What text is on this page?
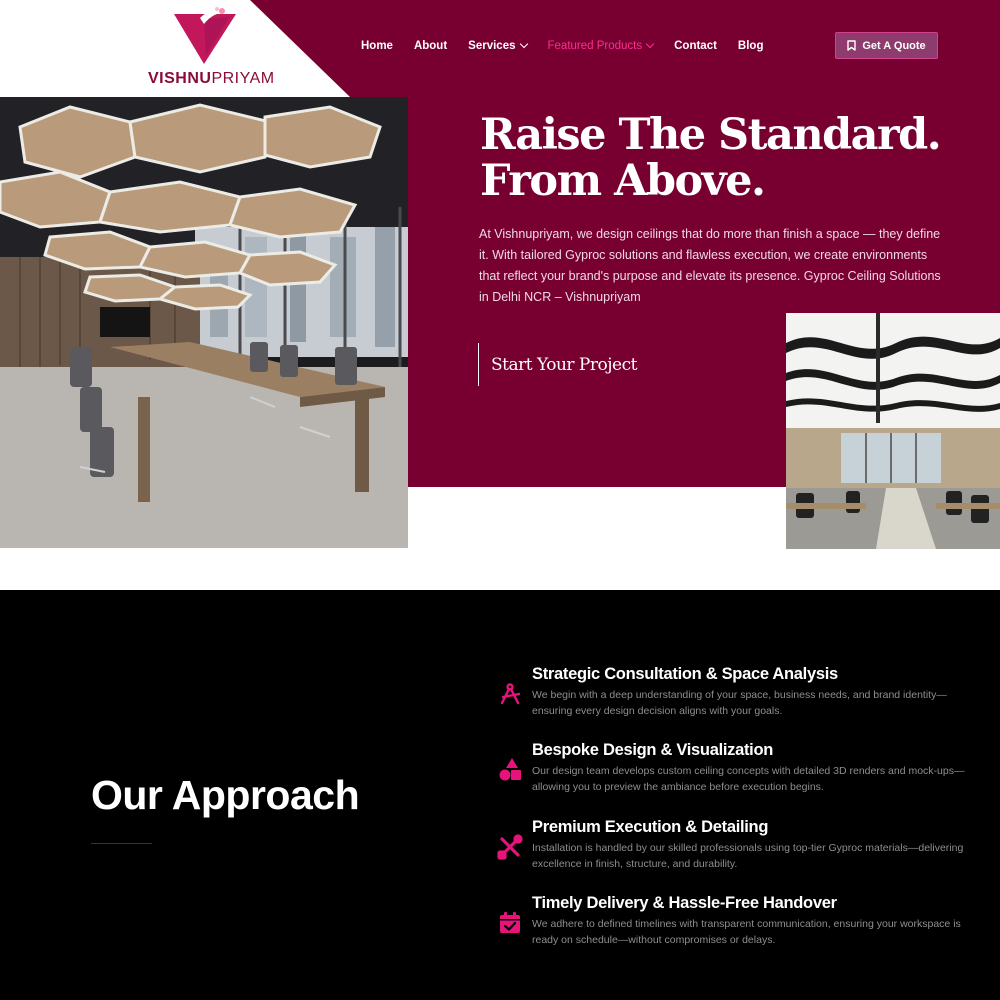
VISHNUPRIYAM
Home About Services	Featured Products	Contact Blog	Get A Quote
Raise The Standard.
From Above.

At Vishnupriyam, we design ceilings that do more than finish a space — they define it. With tailored Gyproc solutions and flawless execution, we create environments that reflect your brand's purpose and elevate its presence. Gyproc Ceiling Solutions in Delhi NCR – Vishnupriyam

Start Your Project
Our Approach
Strategic Consultation & Space Analysis
We begin with a deep understanding of your space, business needs, and brand identity—ensuring every design decision aligns with your goals.
Bespoke Design & Visualization
Our design team develops custom ceiling concepts with detailed 3D renders and mock-ups—allowing you to preview the ambiance before execution begins.
Premium Execution & Detailing
Installation is handled by our skilled professionals using top-tier Gyproc materials—delivering excellence in finish, structure, and durability.
Timely Delivery & Hassle-Free Handover
We adhere to defined timelines with transparent communication, ensuring your workspace is ready on schedule—without compromises or delays.
